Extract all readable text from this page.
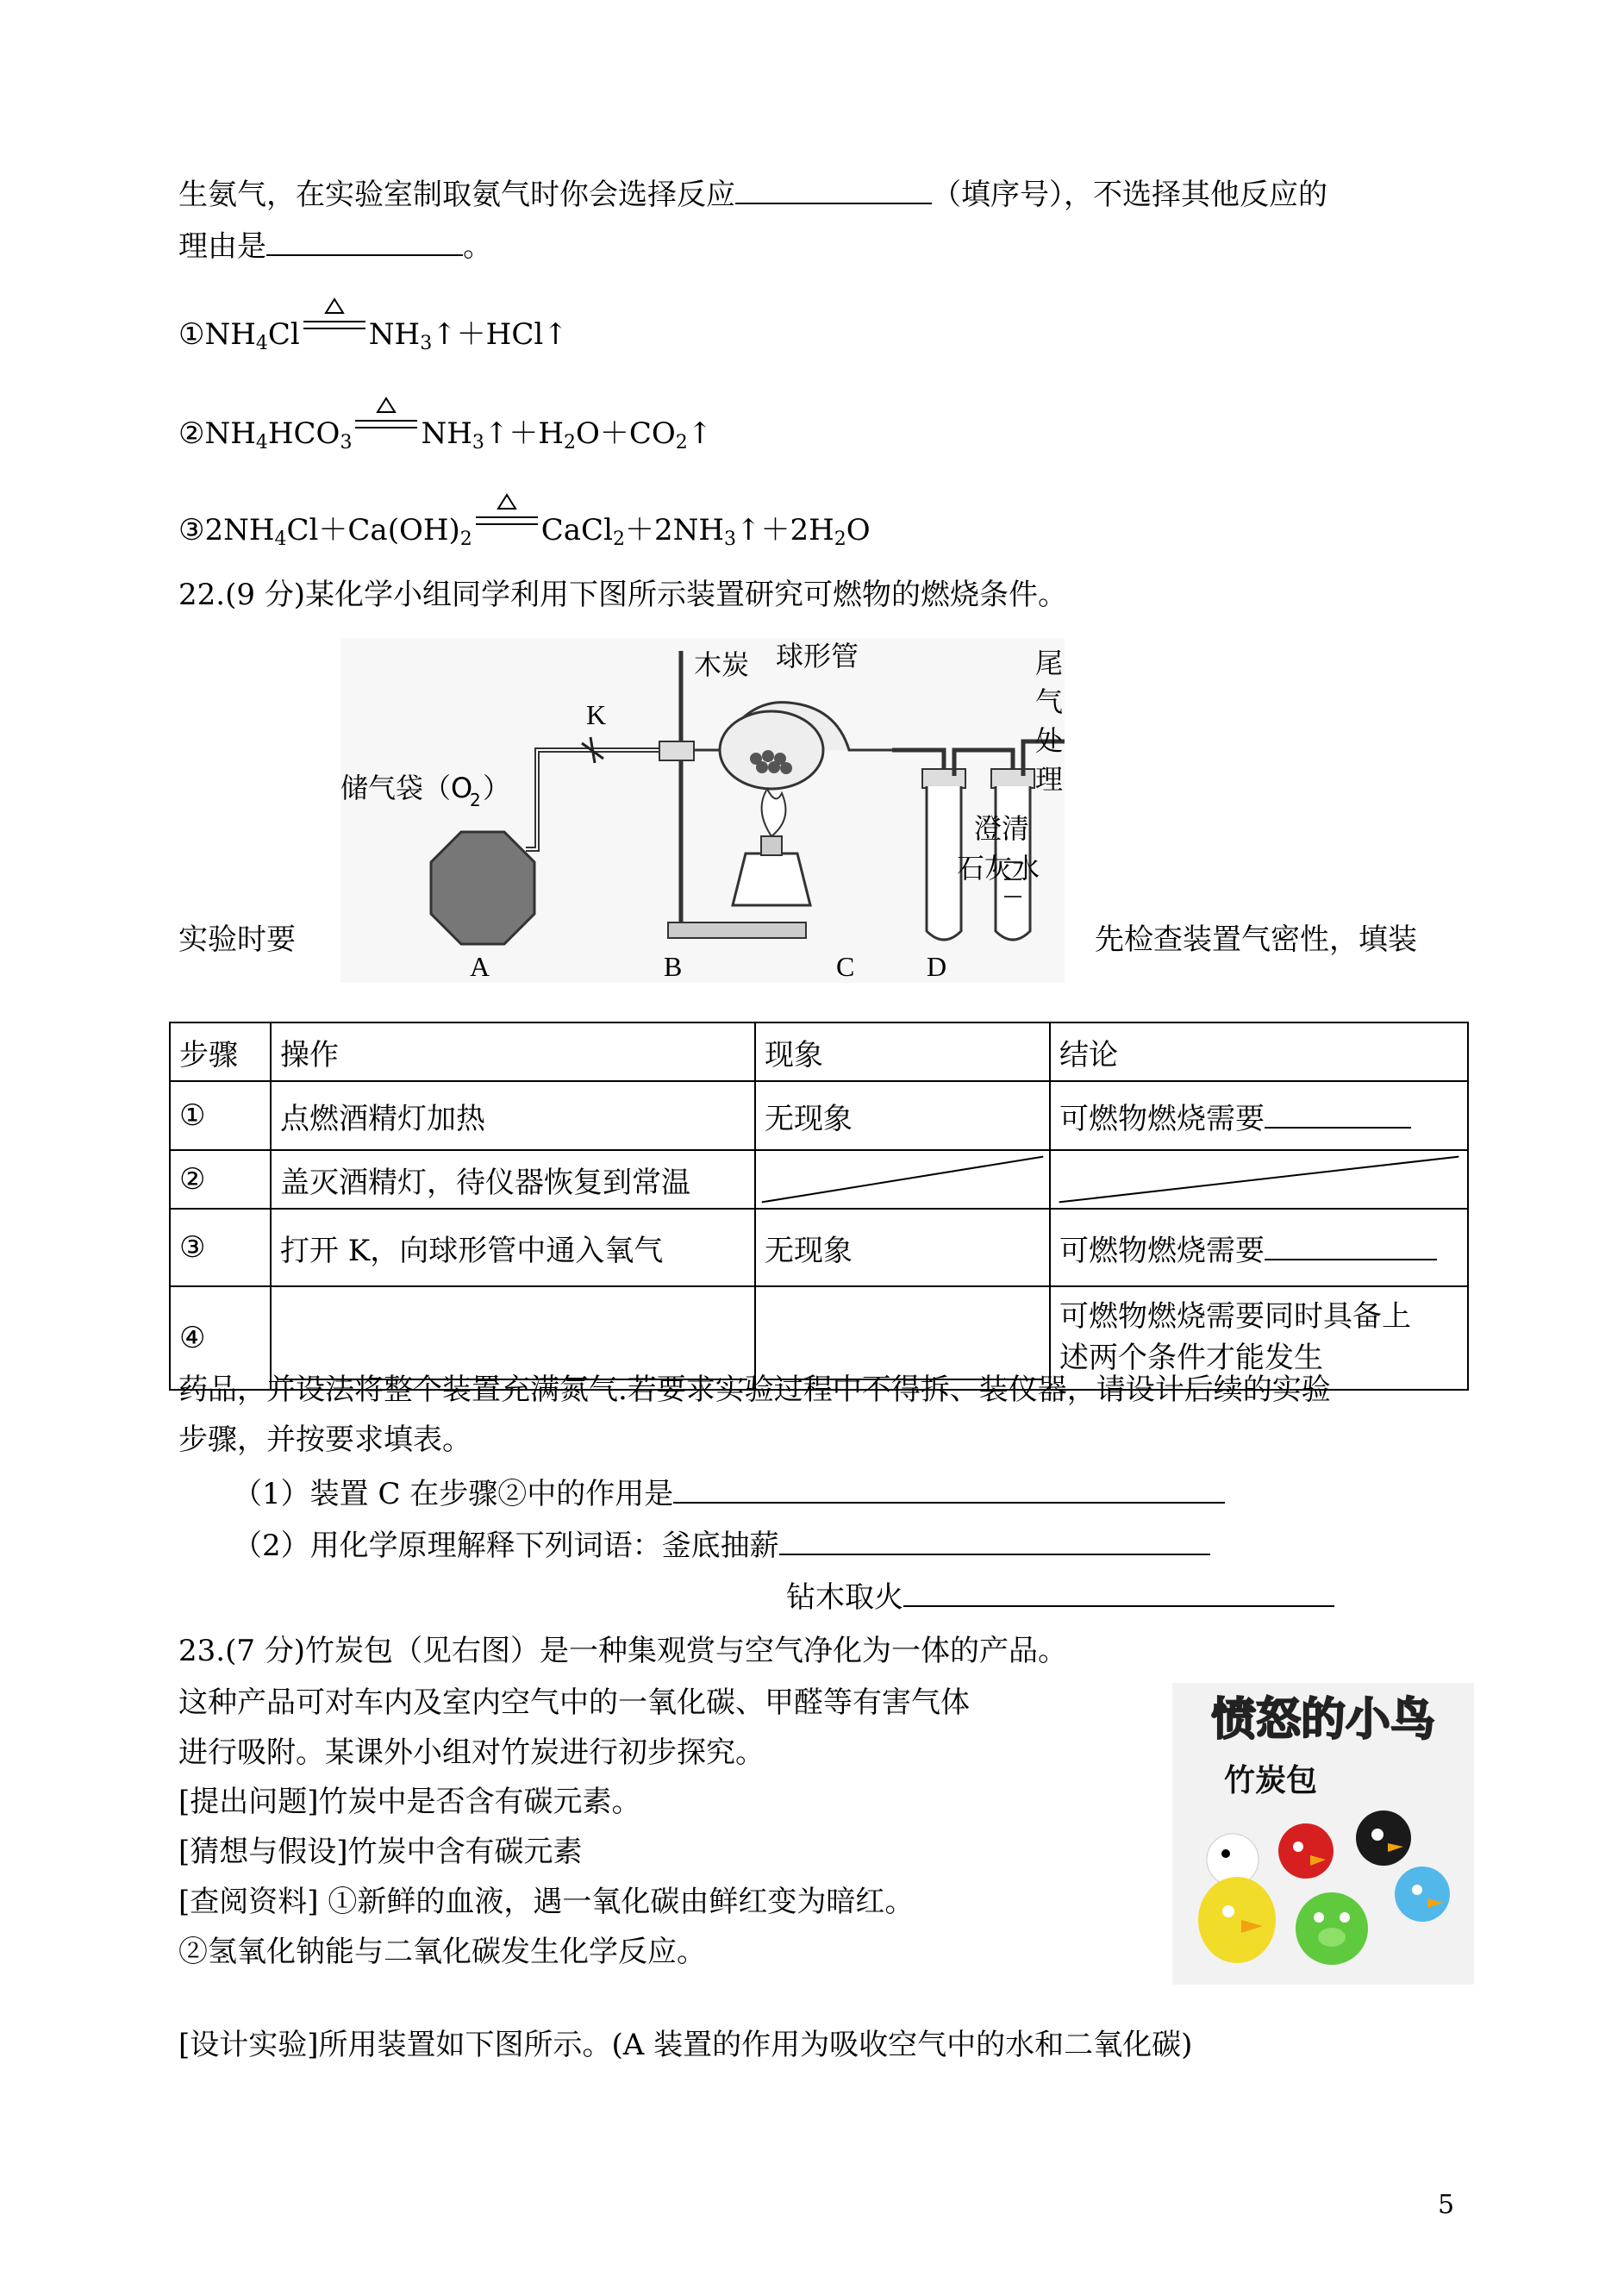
生氨气，在实验室制取氨气时你会选择反应	（填序号），不选择其他反应的
理由是	。
$①NH_4Cl$ $NH_3↑+HCl↑$
$②NH_4HCO_3$ $NH_3↑+H_2O+CO_2↑$
$③2NH_4Cl+Ca(OH)_2$ $CaCl_2+2NH_3↑+2H_2O$
22.(9 分)某化学小组同学利用下图所示装置研究可燃物的燃烧条件。
K
储气袋（O
2 ）
木炭 球形管	尾
气
处
理
澄清
石灰水
A	B	C	D
实验时要	先检查装置气密性，填装
步骤	操作	现象	结论
①	点燃酒精灯加热	无现象	可燃物燃烧需要
②	盖灭酒精灯，待仪器恢复到常温	

③	打开 K，向球形管中通入氧气	无现象	可燃物燃烧需要
④			可燃物燃烧需要同时具备上
述两个条件才能发生
药品，并设法将整个装置充满氮气.若要求实验过程中不得拆、装仪器，请设计后续的实验
步骤，并按要求填表。
（1）装置 C 在步骤②中的作用是
（2）用化学原理解释下列词语：釜底抽薪
钻木取火
23.(7 分)竹炭包（见右图）是一种集观赏与空气净化为一体的产品。
这种产品可对车内及室内空气中的一氧化碳、甲醛等有害气体
进行吸附。某课外小组对竹炭进行初步探究。
[提出问题]竹炭中是否含有碳元素。
[猜想与假设]竹炭中含有碳元素
[查阅资料] ①新鲜的血液，遇一氧化碳由鲜红变为暗红。
②氢氧化钠能与二氧化碳发生化学反应。
愤怒的小鸟
竹炭包
[设计实验]所用装置如下图所示。(A 装置的作用为吸收空气中的水和二氧化碳)
5
